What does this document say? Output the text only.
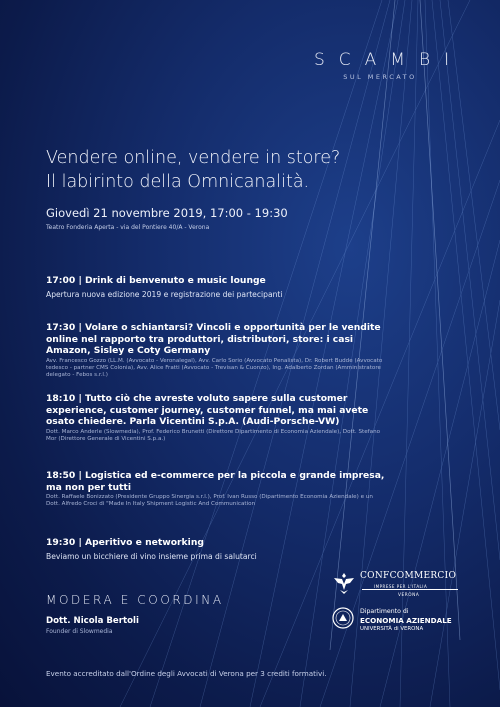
SCAMBI
SUL MERCATO
Vendere online, vendere in store?
Il labirinto della Omnicanalità.
Giovedì 21 novembre 2019, 17:00 - 19:30
Teatro Fonderia Aperta - via del Pontiere 40/A - Verona
17:00 | Drink di benvenuto e music lounge
Apertura nuova edizione 2019 e registrazione dei partecipanti
17:30 | Volare o schiantarsi? Vincoli e opportunità per le vendite online nel rapporto tra produttori, distributori, store: i casi Amazon, Sisley e Coty Germany
Avv. Francesco Gozzo (LL.M. (Avvocato - Veronalegal), Avv. Carlo Sorio (Avvocato Penalista), Dr. Robert Budde (Avvocato tedesco - partner CMS Colonia), Avv. Alice Fratti (Avvocato - Trevisan & Cuonzo), Ing. Adalberto Zordan (Amministratore delegato - Febos s.r.l.)
18:10 | Tutto ciò che avreste voluto sapere sulla customer experience, customer journey, customer funnel, ma mai avete osato chiedere. Parla Vicentini S.p.A. (Audi-Porsche-VW)
Dott. Marco Anderle (Slowmedia), Prof. Federico Brunetti (Direttore Dipartimento di Economia Aziendale), Dott. Stefano Mor (Direttore Generale di Vicentini S.p.a.)
18:50 | Logistica ed e-commerce per la piccola e grande impresa, ma non per tutti
Dott. Raffaele Bonizzato (Presidente Gruppo Sinergia s.r.l.), Prof. Ivan Russo (Dipartimento Economia Aziendale) e un Dott. Alfredo Croci di "Made In Italy Shipment Logistic And Communication
19:30 | Aperitivo e networking
Beviamo un bicchiere di vino insieme prima di salutarci
MODERA E COORDINA
Dott. Nicola Bertoli
Founder di Slowmedia
CONFCOMMERCIO
IMPRESE PER L'ITALIA
VERONA
Dipartimento di
ECONOMIA AZIENDALE
UNIVERSITÀ di VERONA
Evento accreditato dall'Ordine degli Avvocati di Verona per 3 crediti formativi.
